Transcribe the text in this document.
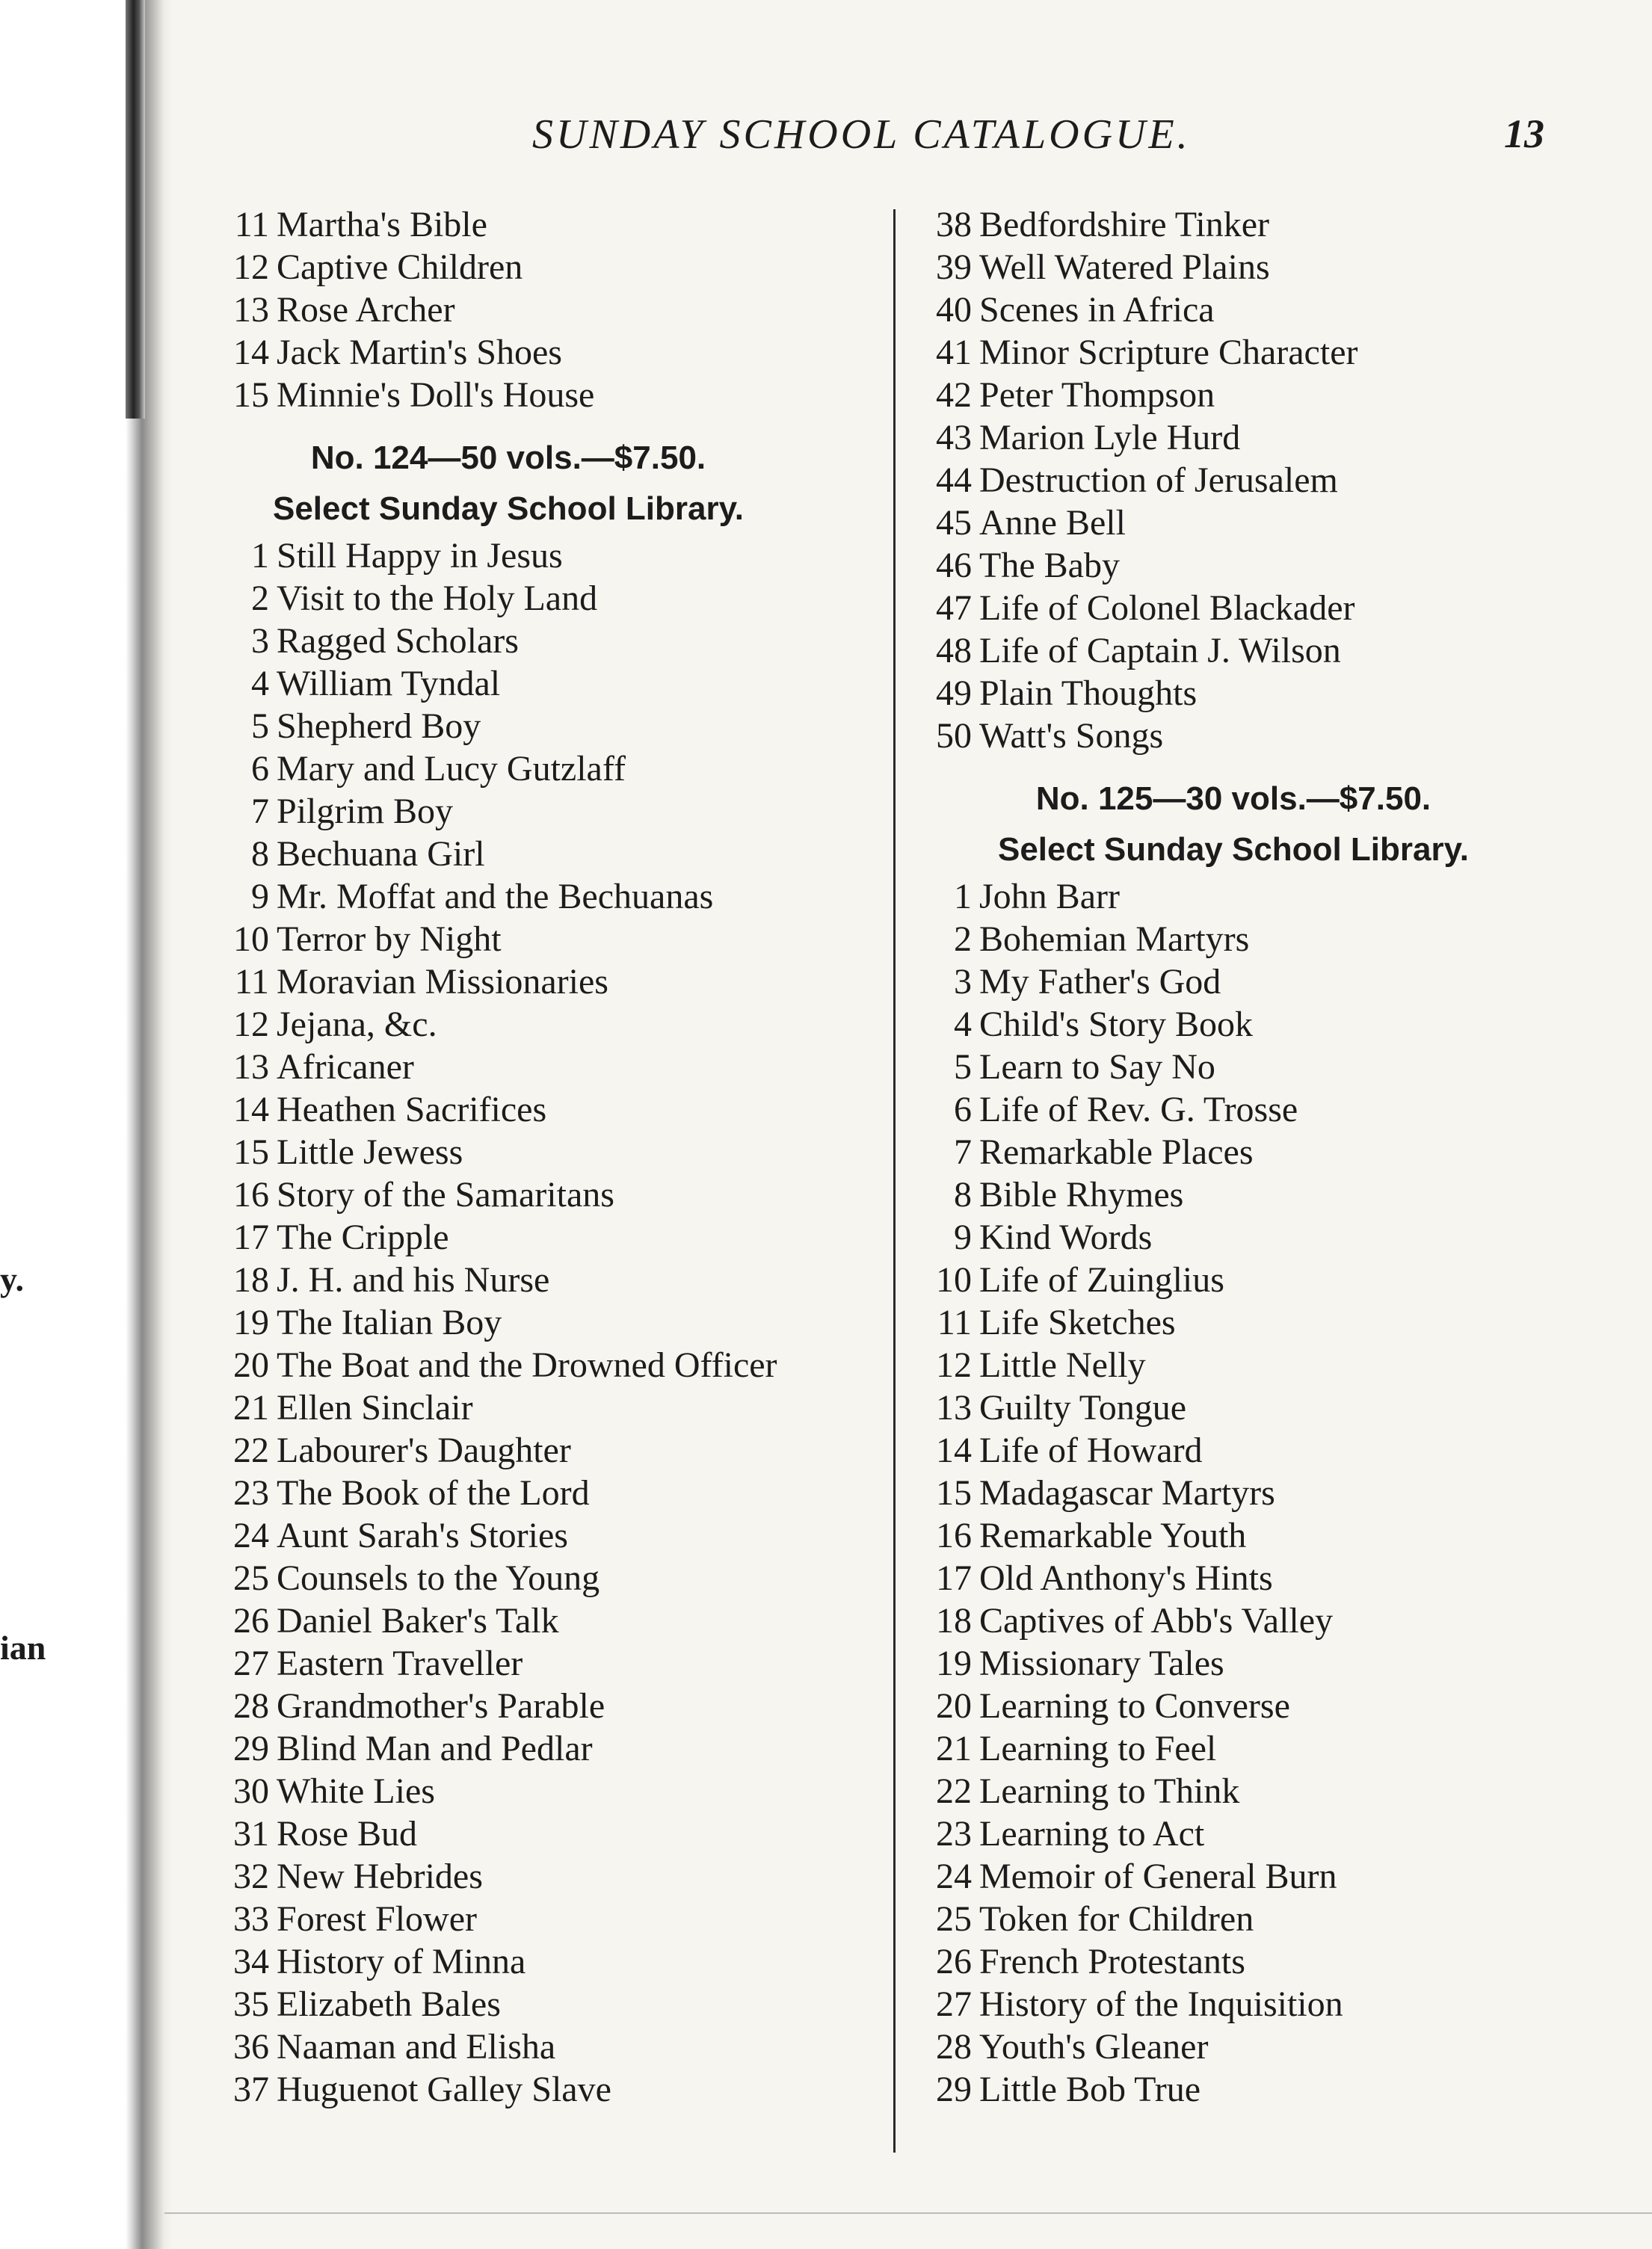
y.
ian
SUNDAY SCHOOL CATALOGUE.	13
11 Martha's Bible
12 Captive Children
13 Rose Archer
14 Jack Martin's Shoes
15 Minnie's Doll's House
No. 124—50 vols.—$7.50.
Select Sunday School Library.
1 Still Happy in Jesus
2 Visit to the Holy Land
3 Ragged Scholars
4 William Tyndal
5 Shepherd Boy
6 Mary and Lucy Gutzlaff
7 Pilgrim Boy
8 Bechuana Girl
9 Mr. Moffat and the Bechuanas
10 Terror by Night
11 Moravian Missionaries
12 Jejana, &c.
13 Africaner
14 Heathen Sacrifices
15 Little Jewess
16 Story of the Samaritans
17 The Cripple
18 J. H. and his Nurse
19 The Italian Boy
20 The Boat and the Drowned Officer
21 Ellen Sinclair
22 Labourer's Daughter
23 The Book of the Lord
24 Aunt Sarah's Stories
25 Counsels to the Young
26 Daniel Baker's Talk
27 Eastern Traveller
28 Grandmother's Parable
29 Blind Man and Pedlar
30 White Lies
31 Rose Bud
32 New Hebrides
33 Forest Flower
34 History of Minna
35 Elizabeth Bales
36 Naaman and Elisha
37 Huguenot Galley Slave
38 Bedfordshire Tinker
39 Well Watered Plains
40 Scenes in Africa
41 Minor Scripture Character
42 Peter Thompson
43 Marion Lyle Hurd
44 Destruction of Jerusalem
45 Anne Bell
46 The Baby
47 Life of Colonel Blackader
48 Life of Captain J. Wilson
49 Plain Thoughts
50 Watt's Songs
No. 125—30 vols.—$7.50.
Select Sunday School Library.
1 John Barr
2 Bohemian Martyrs
3 My Father's God
4 Child's Story Book
5 Learn to Say No
6 Life of Rev. G. Trosse
7 Remarkable Places
8 Bible Rhymes
9 Kind Words
10 Life of Zuinglius
11 Life Sketches
12 Little Nelly
13 Guilty Tongue
14 Life of Howard
15 Madagascar Martyrs
16 Remarkable Youth
17 Old Anthony's Hints
18 Captives of Abb's Valley
19 Missionary Tales
20 Learning to Converse
21 Learning to Feel
22 Learning to Think
23 Learning to Act
24 Memoir of General Burn
25 Token for Children
26 French Protestants
27 History of the Inquisition
28 Youth's Gleaner
29 Little Bob True
